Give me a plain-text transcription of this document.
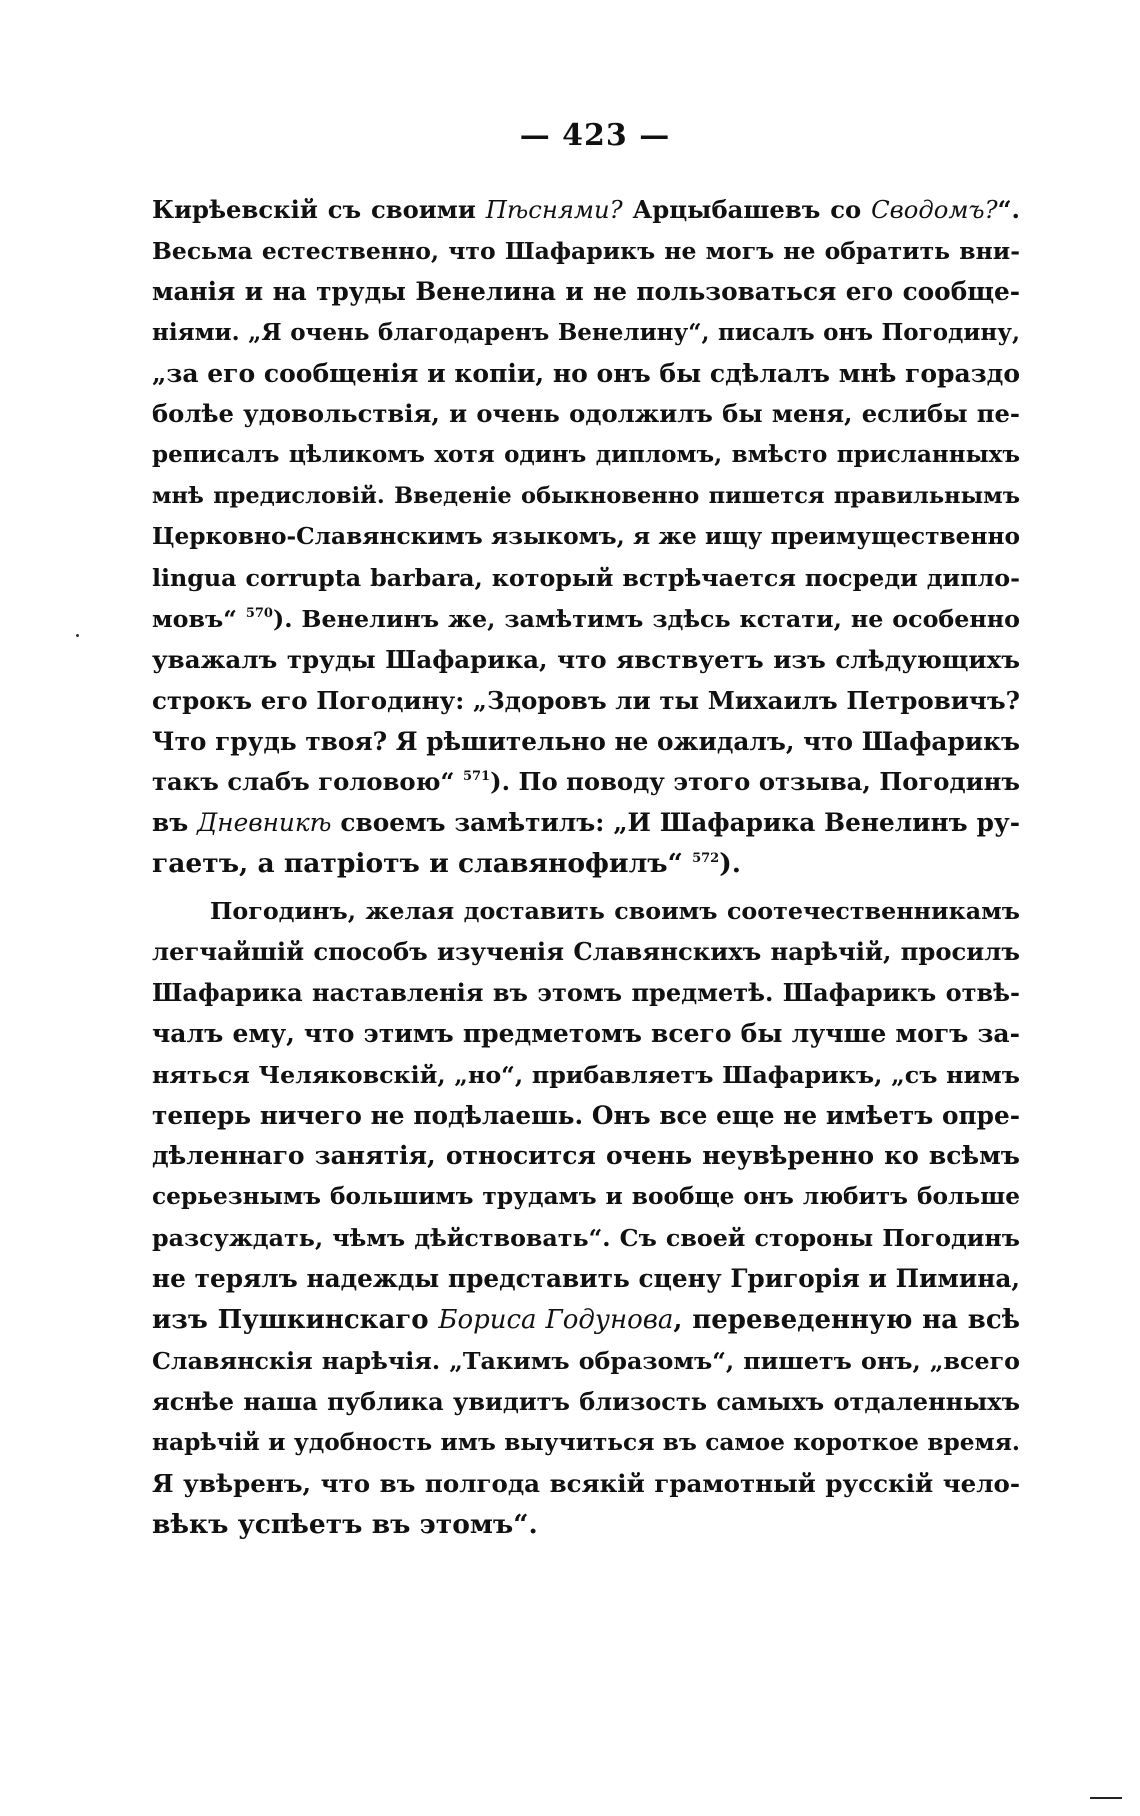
— 423 —
Кирѣевскій съ своими Пѣснями? Арцыбашевъ со Сводомъ?“.
Весьма естественно, что Шафарикъ не могъ не обратить вни-
манія и на труды Венелина и не пользоваться его сообще-
ніями. „Я очень благодаренъ Венелину“, писалъ онъ Погодину,
„за его сообщенія и копіи, но онъ бы сдѣлалъ мнѣ гораздо
болѣе удовольствія, и очень одолжилъ бы меня, еслибы пе-
реписалъ цѣликомъ хотя одинъ дипломъ, вмѣсто присланныхъ
мнѣ предисловій. Введеніе обыкновенно пишется правильнымъ
Церковно-Славянскимъ языкомъ, я же ищу преимущественно
lingua corrupta barbara, который встрѣчается посреди дипло-
мовъ“ $^{570}$). Венелинъ же, замѣтимъ здѣсь кстати, не особенно
уважалъ труды Шафарика, что явствуетъ изъ слѣдующихъ
строкъ его Погодину: „Здоровъ ли ты Михаилъ Петровичъ?
Что грудь твоя? Я рѣшительно не ожидалъ, что Шафарикъ
такъ слабъ головою“ $^{571}$). По поводу этого отзыва, Погодинъ
въ Дневникѣ своемъ замѣтилъ: „И Шафарика Венелинъ ру-
гаетъ, а патріотъ и славянофилъ“ $^{572}$).
Погодинъ, желая доставить своимъ соотечественникамъ
легчайшій способъ изученія Славянскихъ нарѣчій, просилъ
Шафарика наставленія въ этомъ предметѣ. Шафарикъ отвѣ-
чалъ ему, что этимъ предметомъ всего бы лучше могъ за-
няться Челяковскій, „но“, прибавляетъ Шафарикъ, „съ нимъ
теперь ничего не подѣлаешь. Онъ все еще не имѣетъ опре-
дѣленнаго занятія, относится очень неувѣренно ко всѣмъ
серьезнымъ большимъ трудамъ и вообще онъ любитъ больше
разсуждать, чѣмъ дѣйствовать“. Съ своей стороны Погодинъ
не терялъ надежды представить сцену Григорія и Пимина,
изъ Пушкинскаго Бориса Годунова, переведенную на всѣ
Славянскія нарѣчія. „Такимъ образомъ“, пишетъ онъ, „всего
яснѣе наша публика увидитъ близость самыхъ отдаленныхъ
нарѣчій и удобность имъ выучиться въ самое короткое время.
Я увѣренъ, что въ полгода всякій грамотный русскій чело-
вѣкъ успѣетъ въ этомъ“.
